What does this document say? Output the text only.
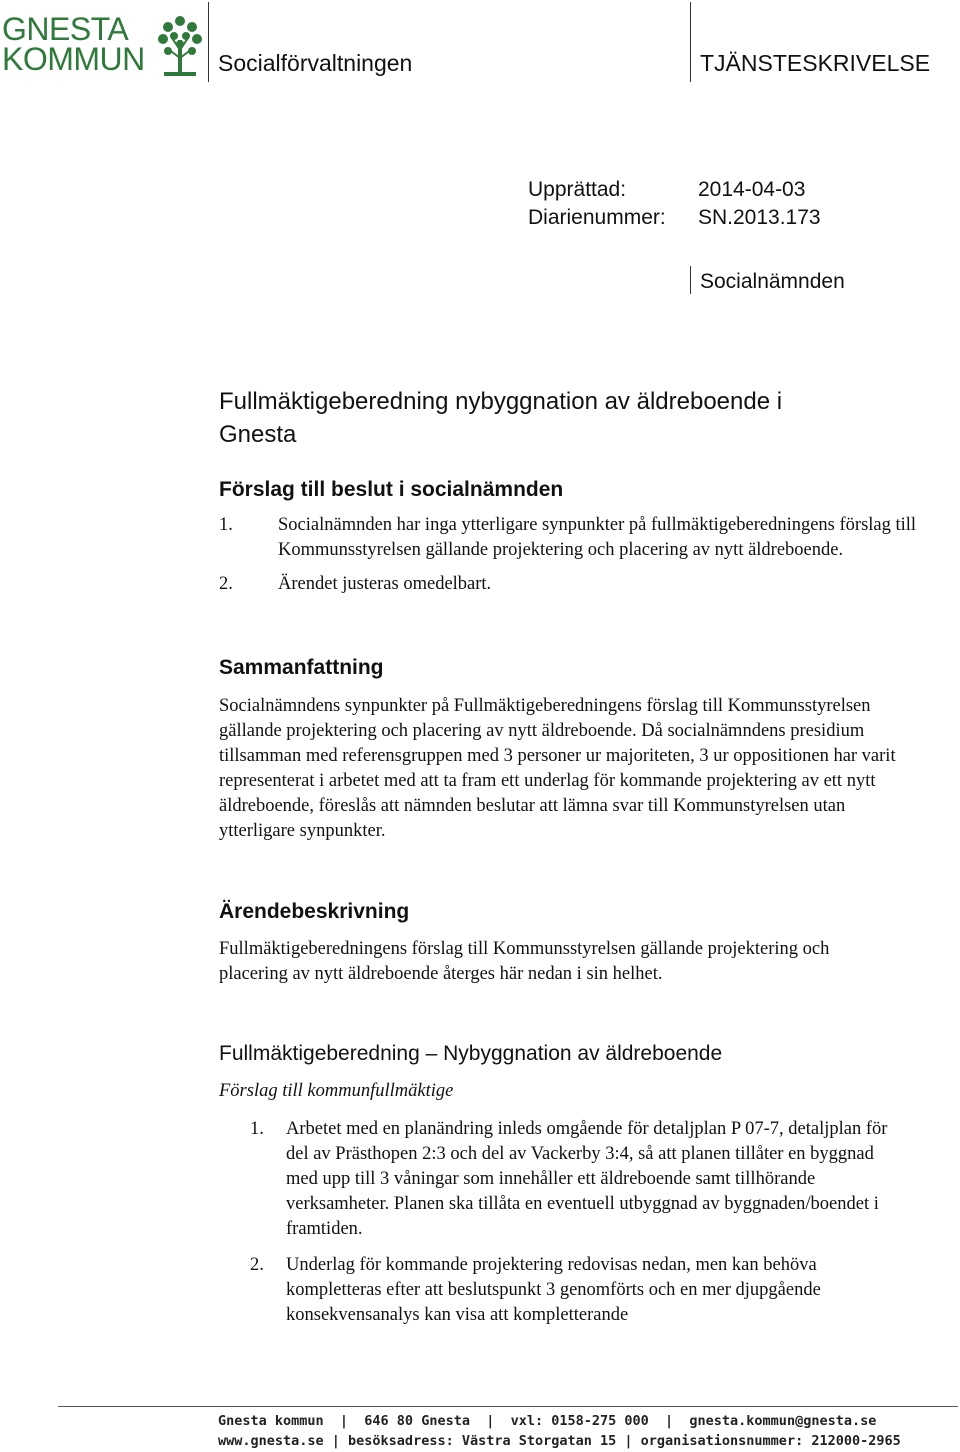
GNESTA
KOMMUN	Socialförvaltningen	TJÄNSTESKRIVELSE
Upprättad:	2014-04-03
Diarienummer: SN.2013.173
Socialnämnden
Fullmäktigeberedning nybyggnation av äldreboende i Gnesta
Förslag till beslut i socialnämnden
1. Socialnämnden har inga ytterligare synpunkter på fullmäktigeberedningens förslag till Kommunsstyrelsen gällande projektering och placering av nytt äldreboende.
2. Ärendet justeras omedelbart.
Sammanfattning
Socialnämndens synpunkter på Fullmäktigeberedningens förslag till Kommunsstyrelsen gällande projektering och placering av nytt äldreboende. Då socialnämndens presidium tillsamman med referensgruppen med 3 personer ur majoriteten, 3 ur oppositionen har varit representerat i arbetet med att ta fram ett underlag för kommande projektering av ett nytt äldreboende, föreslås att nämnden beslutar att lämna svar till Kommunstyrelsen utan ytterligare synpunkter.
Ärendebeskrivning
Fullmäktigeberedningens förslag till Kommunsstyrelsen gällande projektering och placering av nytt äldreboende återges här nedan i sin helhet.
Fullmäktigeberedning – Nybyggnation av äldreboende
Förslag till kommunfullmäktige
1. Arbetet med en planändring inleds omgående för detaljplan P 07-7, detaljplan för del av Prästhopen 2:3 och del av Vackerby 3:4, så att planen tillåter en byggnad med upp till 3 våningar som innehåller ett äldreboende samt tillhörande verksamheter. Planen ska tillåta en eventuell utbyggnad av byggnaden/boendet i framtiden.
2. Underlag för kommande projektering redovisas nedan, men kan behöva kompletteras efter att beslutspunkt 3 genomförts och en mer djupgående konsekvensanalys kan visa att kompletterande
Gnesta kommun  |  646 80 Gnesta  |  vxl: 0158-275 000  |  gnesta.kommun@gnesta.se
www.gnesta.se | besöksadress: Västra Storgatan 15 | organisationsnummer: 212000-2965
